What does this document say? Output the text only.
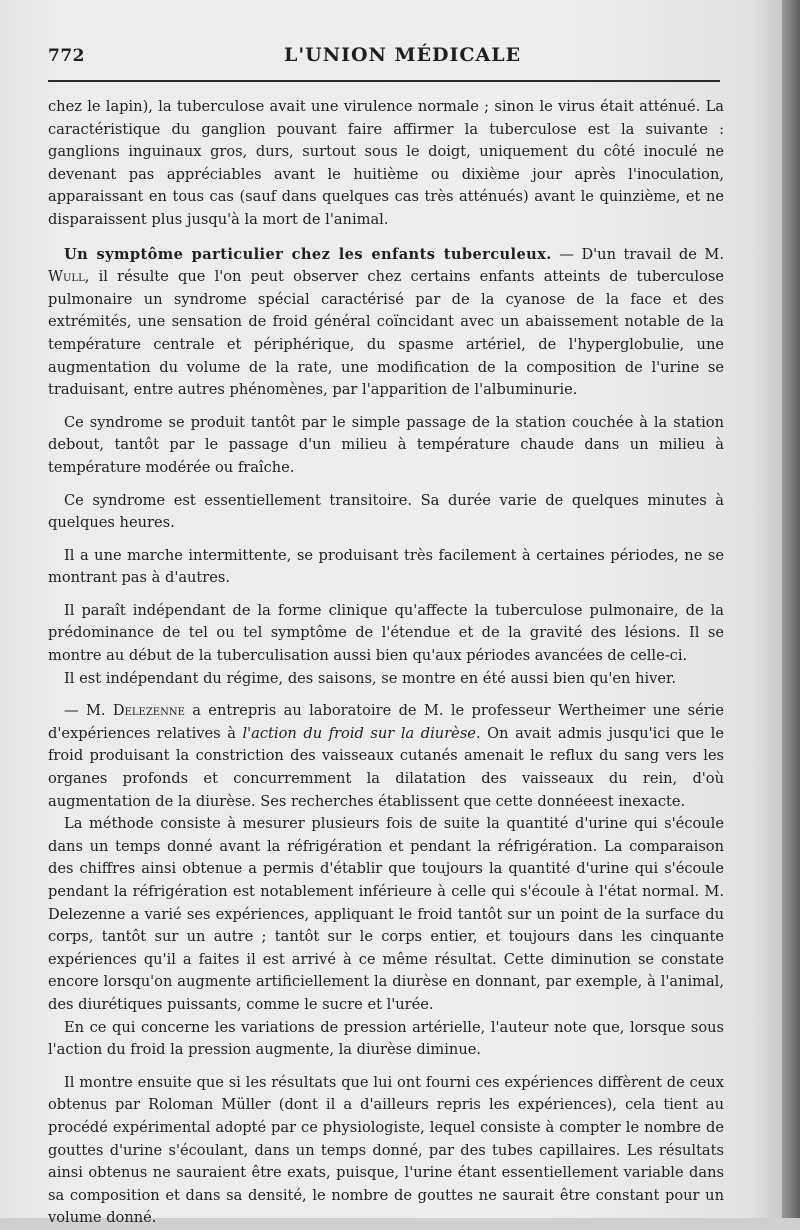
772	L'UNION MÉDICALE

chez le lapin), la tuberculose avait une virulence normale ; sinon le virus était atténué. La caractéristique du ganglion pouvant faire affirmer la tuberculose est la suivante : ganglions inguinaux gros, durs, surtout sous le doigt, uniquement du côté inoculé ne devenant pas appréciables avant le huitième ou dixième jour après l'inoculation, apparaissant en tous cas (sauf dans quelques cas très atténués) avant le quinzième, et ne disparaissent plus jusqu'à la mort de l'animal.

Un symptôme particulier chez les enfants tuberculeux. — D'un travail de M. Wull, il résulte que l'on peut observer chez certains enfants atteints de tuberculose pulmonaire un syndrome spécial caractérisé par de la cyanose de la face et des extrémités, une sensation de froid général coïncidant avec un abaissement notable de la température centrale et périphérique, du spasme artériel, de l'hyperglobulie, une augmentation du volume de la rate, une modification de la composition de l'urine se traduisant, entre autres phénomènes, par l'apparition de l'albuminurie.

Ce syndrome se produit tantôt par le simple passage de la station couchée à la station debout, tantôt par le passage d'un milieu à température chaude dans un milieu à température modérée ou fraîche.

Ce syndrome est essentiellement transitoire. Sa durée varie de quelques minutes à quelques heures.

Il a une marche intermittente, se produisant très facilement à certaines périodes, ne se montrant pas à d'autres.

Il paraît indépendant de la forme clinique qu'affecte la tuberculose pulmonaire, de la prédominance de tel ou tel symptôme de l'étendue et de la gravité des lésions. Il se montre au début de la tuberculisation aussi bien qu'aux périodes avancées de celle-ci.

Il est indépendant du régime, des saisons, se montre en été aussi bien qu'en hiver.

— M. Delezenne a entrepris au laboratoire de M. le professeur Wertheimer une série d'expériences relatives à l'action du froid sur la diurèse. On avait admis jusqu'ici que le froid produisant la constriction des vaisseaux cutanés amenait le reflux du sang vers les organes profonds et concurremment la dilatation des vaisseaux du rein, d'où augmentation de la diurèse. Ses recherches établissent que cette donnéeest inexacte.

La méthode consiste à mesurer plusieurs fois de suite la quantité d'urine qui s'écoule dans un temps donné avant la réfrigération et pendant la réfrigération. La comparaison des chiffres ainsi obtenue a permis d'établir que toujours la quantité d'urine qui s'écoule pendant la réfrigération est notablement inférieure à celle qui s'écoule à l'état normal. M. Delezenne a varié ses expériences, appliquant le froid tantôt sur un point de la surface du corps, tantôt sur un autre ; tantôt sur le corps entier, et toujours dans les cinquante expériences qu'il a faites il est arrivé à ce même résultat. Cette diminution se constate encore lorsqu'on augmente artificiellement la diurèse en donnant, par exemple, à l'animal, des diurétiques puissants, comme le sucre et l'urée.

En ce qui concerne les variations de pression artérielle, l'auteur note que, lorsque sous l'action du froid la pression augmente, la diurèse diminue.

Il montre ensuite que si les résultats que lui ont fourni ces expériences diffèrent de ceux obtenus par Roloman Müller (dont il a d'ailleurs repris les expériences), cela tient au procédé expérimental adopté par ce physiologiste, lequel consiste à compter le nombre de gouttes d'urine s'écoulant, dans un temps donné, par des tubes capillaires. Les résultats ainsi obtenus ne sauraient être exats, puisque, l'urine étant essentiellement variable dans sa composition et dans sa densité, le nombre de gouttes ne saurait être constant pour un volume donné.
